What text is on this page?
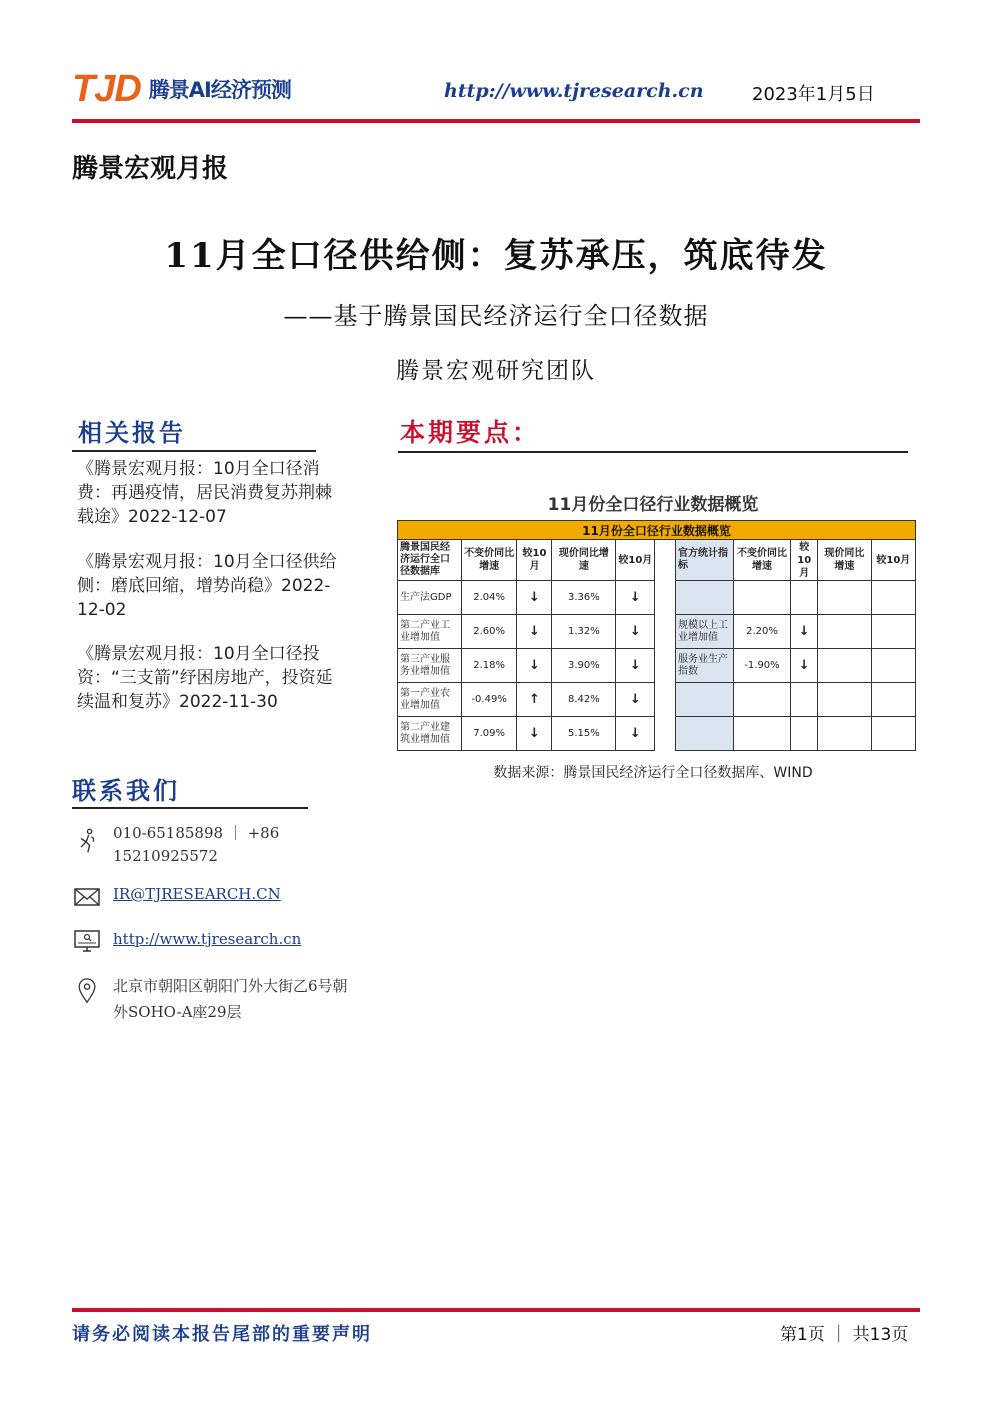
TJD 腾景AI经济预测	http://www.tjresearch.cn	2023年1月5日
腾景宏观月报
11月全口径供给侧：复苏承压，筑底待发
——基于腾景国民经济运行全口径数据
腾景宏观研究团队
相关报告
《腾景宏观月报：10月全口径消费：再遇疫情，居民消费复苏荆棘载途》2022-12-07
《腾景宏观月报：10月全口径供给侧：磨底回缩，增势尚稳》2022-12-02
《腾景宏观月报：10月全口径投资：“三支箭”纾困房地产，投资延续温和复苏》2022-11-30
联系我们
010-65185898 ｜ +86 15210925572
IR@TJRESEARCH.CN
http://www.tjresearch.cn
北京市朝阳区朝阳门外大街乙6号朝外SOHO-A座29层
本期要点：
11月份全口径行业数据概览
11月份全口径行业数据概览										
腾景国民经济运行全口径数据库	不变价同比增速	较10月	现价同比增速	较10月		官方统计指标	不变价同比增速	较10月	现价同比增速	较10月
生产法GDP	2.04%	↓	3.36%	↓						
第二产业工业增加值	2.60%	↓	1.32%	↓		规模以上工业增加值	2.20%	↓		
第三产业服务业增加值	2.18%	↓	3.90%	↓		服务业生产指数	-1.90%	↓		
第一产业农业增加值	-0.49%	↑	8.42%	↓						
第二产业建筑业增加值	7.09%	↓	5.15%	↓						
数据来源：腾景国民经济运行全口径数据库、WIND
请务必阅读本报告尾部的重要声明	第1页 ｜ 共13页
